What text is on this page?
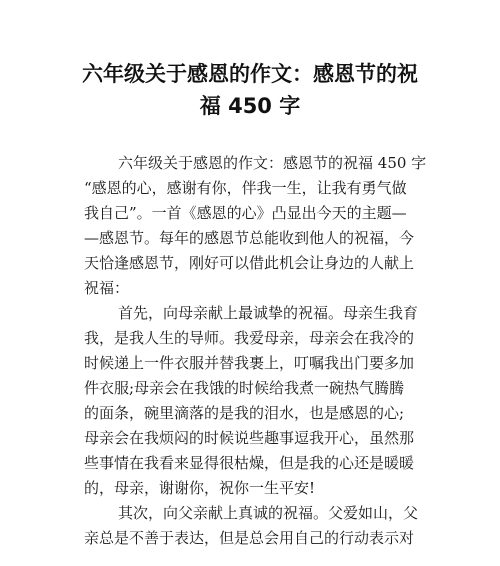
六年级关于感恩的作文：感恩节的祝
福 450 字
六年级关于感恩的作文：感恩节的祝福 450 字
“感恩的心，感谢有你，伴我一生，让我有勇气做
我自己”。一首《感恩的心》凸显出今天的主题—
—感恩节。每年的感恩节总能收到他人的祝福，今
天恰逢感恩节，刚好可以借此机会让身边的人献上
祝福：
首先，向母亲献上最诚挚的祝福。母亲生我育
我，是我人生的导师。我爱母亲，母亲会在我冷的
时候递上一件衣服并替我裹上，叮嘱我出门要多加
件衣服;母亲会在我饿的时候给我煮一碗热气腾腾
的面条，碗里滴落的是我的泪水，也是感恩的心;
母亲会在我烦闷的时候说些趣事逗我开心，虽然那
些事情在我看来显得很枯燥，但是我的心还是暖暖
的，母亲，谢谢你，祝你一生平安!
其次，向父亲献上真诚的祝福。父爱如山，父
亲总是不善于表达，但是总会用自己的行动表示对
